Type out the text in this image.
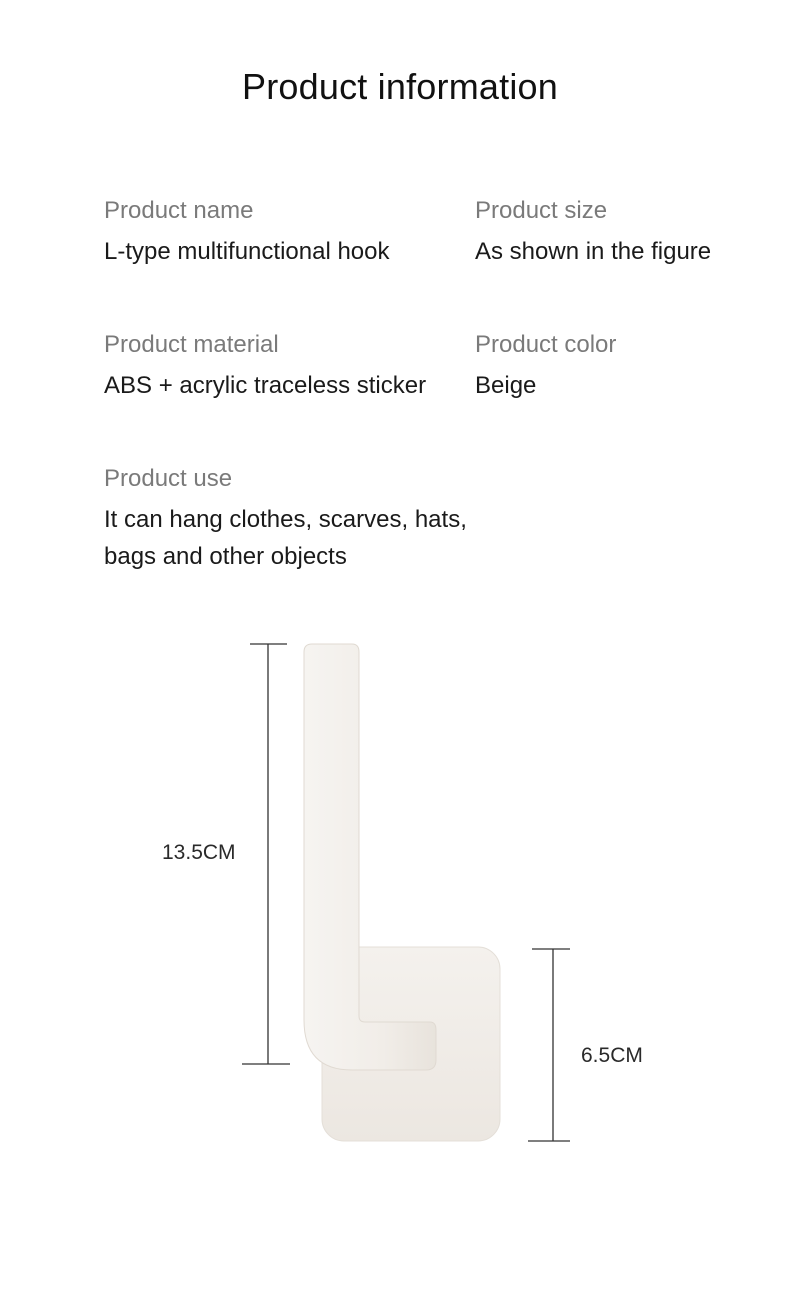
Product information
Product name
L-type multifunctional hook
Product size
As shown in the figure
Product material
ABS + acrylic traceless sticker
Product color
Beige
Product use
It can hang clothes, scarves, hats, bags and other objects
13.5CM
6.5CM
